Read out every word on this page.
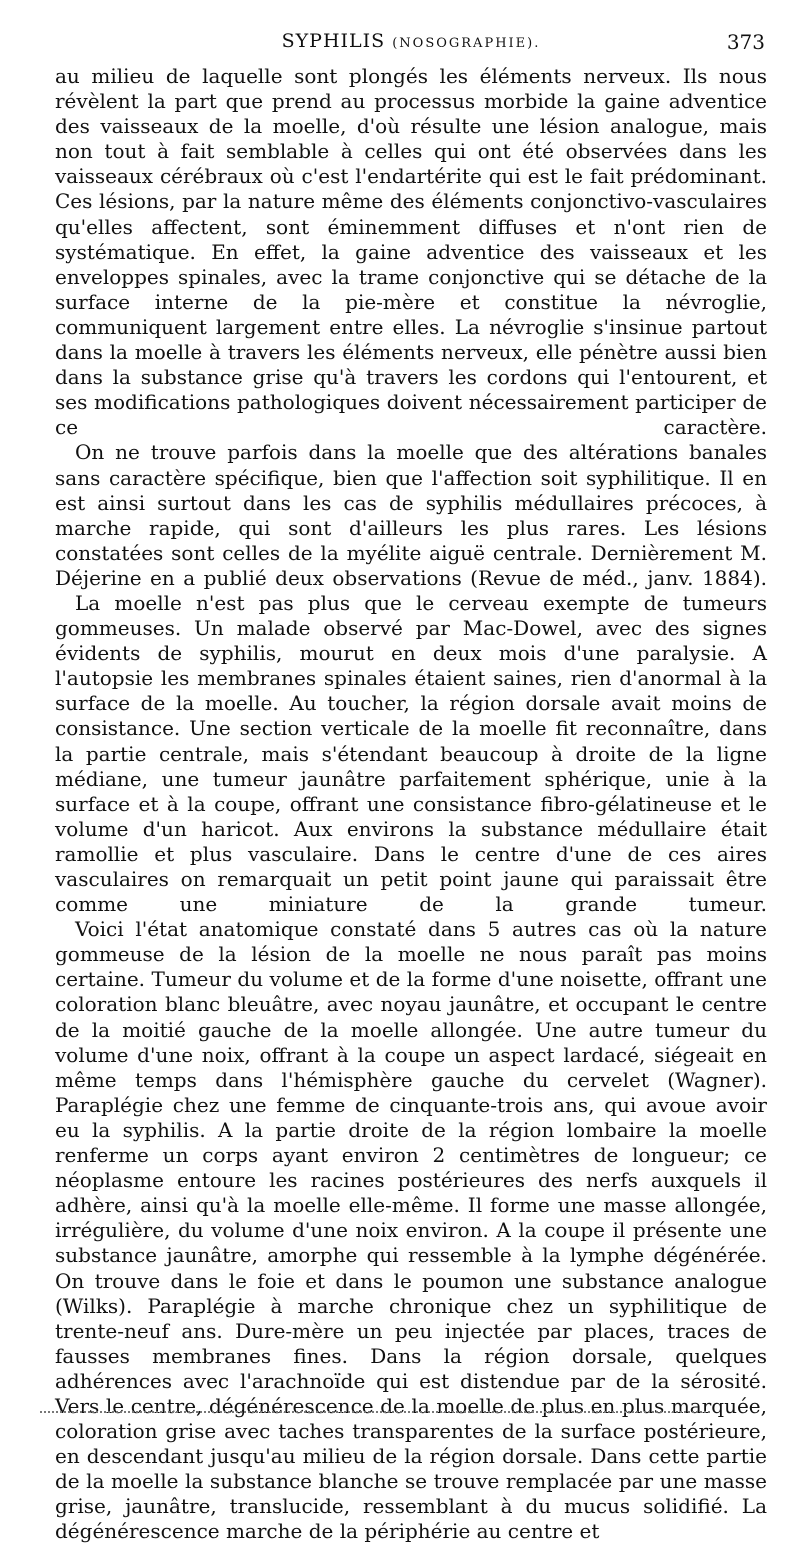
SYPHILIS (NOSOGRAPHIE).	373

au milieu de laquelle sont plongés les éléments nerveux. Ils nous révèlent la part que prend au processus morbide la gaine adventice des vaisseaux de la moelle, d'où résulte une lésion analogue, mais non tout à fait semblable à celles qui ont été observées dans les vaisseaux cérébraux où c'est l'endartérite qui est le fait prédominant. Ces lésions, par la nature même des éléments conjonctivo-vasculaires qu'elles affectent, sont éminemment diffuses et n'ont rien de systématique. En effet, la gaine adventice des vaisseaux et les enveloppes spinales, avec la trame conjonctive qui se détache de la surface interne de la pie-mère et constitue la névroglie, communiquent largement entre elles. La névroglie s'insinue partout dans la moelle à travers les éléments nerveux, elle pénètre aussi bien dans la substance grise qu'à travers les cordons qui l'entourent, et ses modifications pathologiques doivent nécessairement participer de ce caractère.

On ne trouve parfois dans la moelle que des altérations banales sans caractère spécifique, bien que l'affection soit syphilitique. Il en est ainsi surtout dans les cas de syphilis médullaires précoces, à marche rapide, qui sont d'ailleurs les plus rares. Les lésions constatées sont celles de la myélite aiguë centrale. Dernièrement M. Déjerine en a publié deux observations (Revue de méd., janv. 1884).

La moelle n'est pas plus que le cerveau exempte de tumeurs gommeuses. Un malade observé par Mac-Dowel, avec des signes évidents de syphilis, mourut en deux mois d'une paralysie. A l'autopsie les membranes spinales étaient saines, rien d'anormal à la surface de la moelle. Au toucher, la région dorsale avait moins de consistance. Une section verticale de la moelle fit reconnaître, dans la partie centrale, mais s'étendant beaucoup à droite de la ligne médiane, une tumeur jaunâtre parfaitement sphérique, unie à la surface et à la coupe, offrant une consistance fibro-gélatineuse et le volume d'un haricot. Aux environs la substance médullaire était ramollie et plus vasculaire. Dans le centre d'une de ces aires vasculaires on remarquait un petit point jaune qui paraissait être comme une miniature de la grande tumeur.

Voici l'état anatomique constaté dans 5 autres cas où la nature gommeuse de la lésion de la moelle ne nous paraît pas moins certaine. Tumeur du volume et de la forme d'une noisette, offrant une coloration blanc bleuâtre, avec noyau jaunâtre, et occupant le centre de la moitié gauche de la moelle allongée. Une autre tumeur du volume d'une noix, offrant à la coupe un aspect lardacé, siégeait en même temps dans l'hémisphère gauche du cervelet (Wagner). Paraplégie chez une femme de cinquante-trois ans, qui avoue avoir eu la syphilis. A la partie droite de la région lombaire la moelle renferme un corps ayant environ 2 centimètres de longueur; ce néoplasme entoure les racines postérieures des nerfs auxquels il adhère, ainsi qu'à la moelle elle-même. Il forme une masse allongée, irrégulière, du volume d'une noix environ. A la coupe il présente une substance jaunâtre, amorphe qui ressemble à la lymphe dégénérée. On trouve dans le foie et dans le poumon une substance analogue (Wilks). Paraplégie à marche chronique chez un syphilitique de trente-neuf ans. Dure-mère un peu injectée par places, traces de fausses membranes fines. Dans la région dorsale, quelques adhérences avec l'arachnoïde qui est distendue par de la sérosité. Vers le centre, dégénérescence de la moelle de plus en plus marquée, coloration grise avec taches transparentes de la surface postérieure, en descendant jusqu'au milieu de la région dorsale. Dans cette partie de la moelle la substance blanche se trouve remplacée par une masse grise, jaunâtre, translucide, ressemblant à du mucus solidifié. La dégénérescence marche de la périphérie au centre et
